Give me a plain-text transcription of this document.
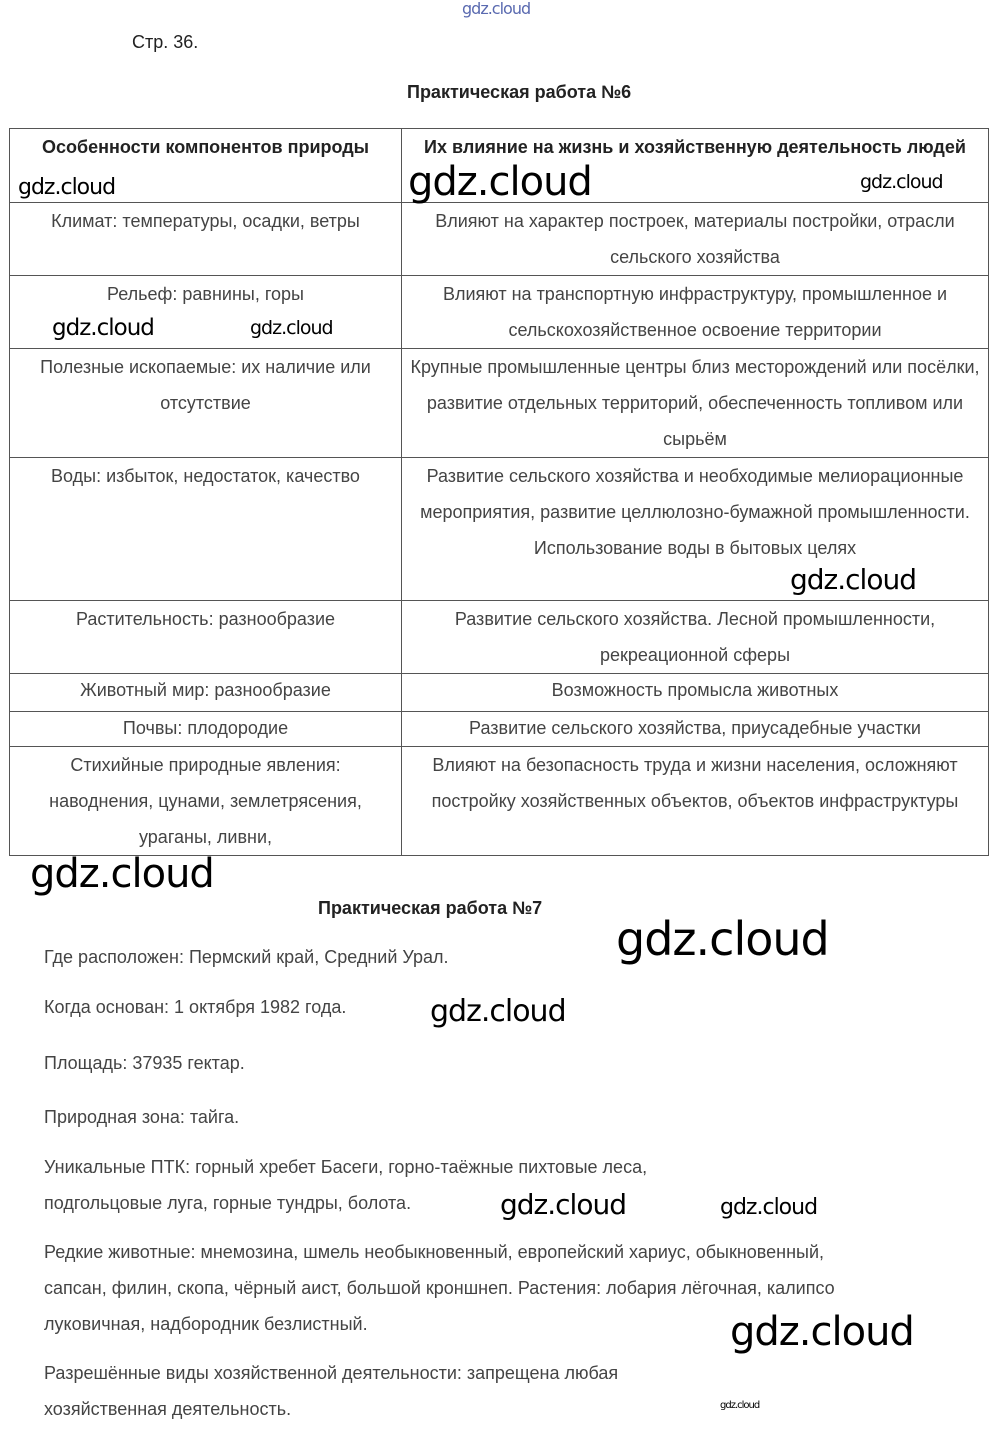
Стр. 36.
Практическая работа №6
Особенности компонентов природы	Их влияние на жизнь и хозяйственную деятельность людей
Климат: температуры, осадки, ветры	Влияют на характер построек, материалы постройки, отрасли сельского хозяйства
Рельеф: равнины, горы	Влияют на транспортную инфраструктуру, промышленное и сельскохозяйственное освоение территории
Полезные ископаемые: их наличие или отсутствие	Крупные промышленные центры близ месторождений или посёлки, развитие отдельных территорий, обеспеченность топливом или сырьём
Воды: избыток, недостаток, качество	Развитие сельского хозяйства и необходимые мелиорационные мероприятия, развитие целлюлозно-бумажной промышленности. Использование воды в бытовых целях
Растительность: разнообразие	Развитие сельского хозяйства. Лесной промышленности, рекреационной сферы
Животный мир: разнообразие	Возможность промысла животных
Почвы: плодородие	Развитие сельского хозяйства, приусадебные участки
Стихийные природные явления: наводнения, цунами, землетрясения, ураганы, ливни,	Влияют на безопасность труда и жизни населения, осложняют постройку хозяйственных объектов, объектов инфраструктуры
Практическая работа №7
Где расположен: Пермский край, Средний Урал.
Когда основан: 1 октября 1982 года.
Площадь: 37935 гектар.
Природная зона: тайга.
Уникальные ПТК: горный хребет Басеги, горно-таёжные пихтовые леса, подгольцовые луга, горные тундры, болота.
Редкие животные: мнемозина, шмель необыкновенный, европейский хариус, обыкновенный, сапсан, филин, скопа, чёрный аист, большой кроншнеп. Растения: лобария лёгочная, калипсо луковичная, надбородник безлистный.
Разрешённые виды хозяйственной деятельности: запрещена любая хозяйственная деятельность.
gdz.cloud
gdz.cloud	gdz.cloud	gdz.cloud
gdz.cloud	gdz.cloud
gdz.cloud
gdz.cloud
gdz.cloud
gdz.cloud
gdz.cloud	gdz.cloud
gdz.cloud
gdz.cloud
